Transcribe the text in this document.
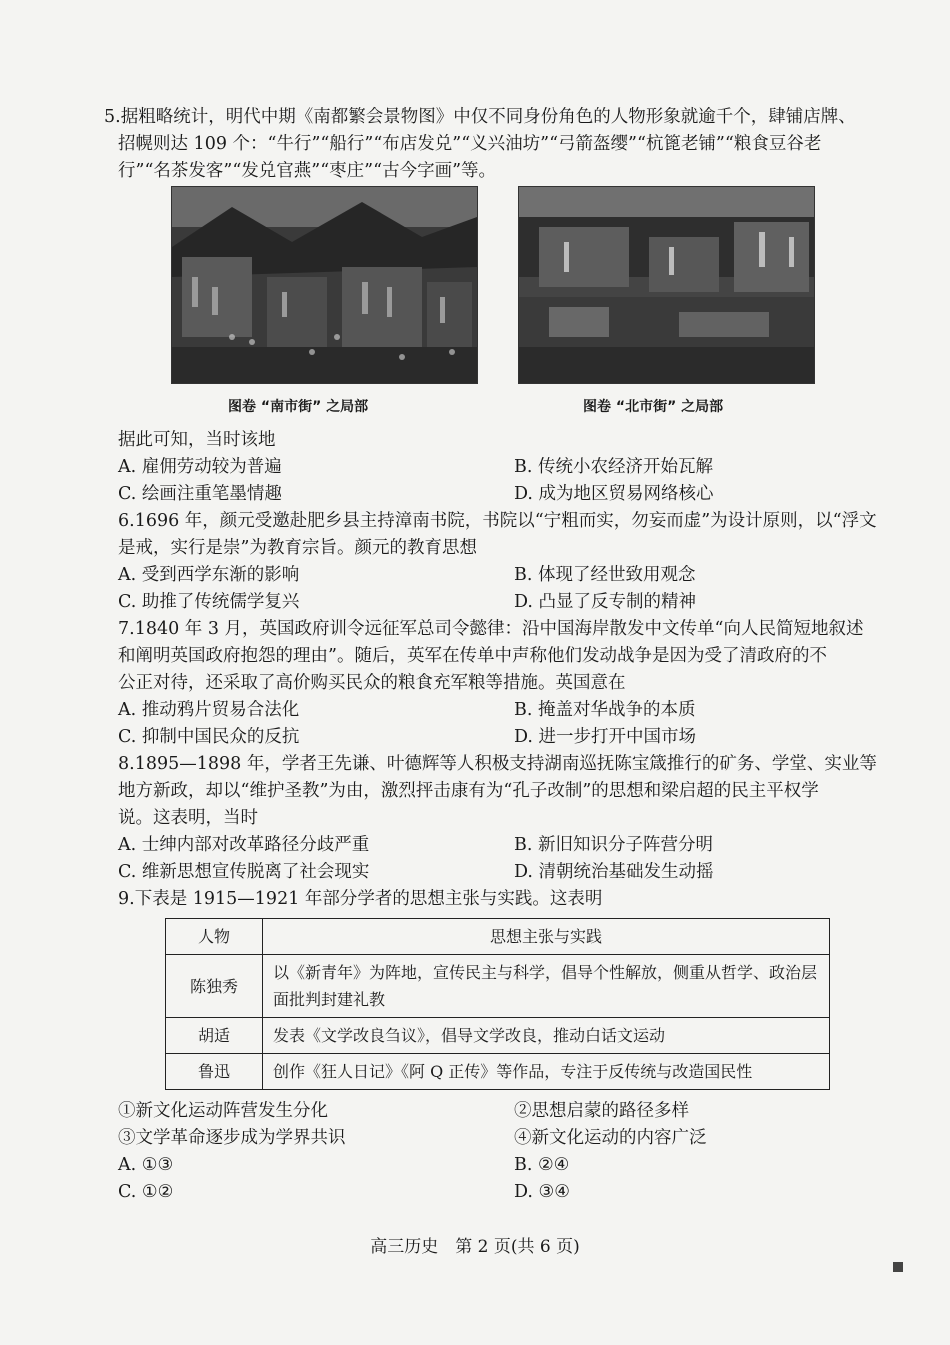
5.据粗略统计，明代中期《南都繁会景物图》中仅不同身份角色的人物形象就逾千个，肆铺店牌、
招幌则达 109 个：“牛行”“船行”“布店发兑”“义兴油坊”“弓箭盔缨”“杭篦老铺”“粮食豆谷老
行”“名茶发客”“发兑官燕”“枣庄”“古今字画”等。
图卷 “南市街” 之局部	图卷 “北市街” 之局部
据此可知，当时该地
A. 雇佣劳动较为普遍	B. 传统小农经济开始瓦解
C. 绘画注重笔墨情趣	D. 成为地区贸易网络核心
6.1696 年，颜元受邀赴肥乡县主持漳南书院，书院以“宁粗而实，勿妄而虚”为设计原则，以“浮文
是戒，实行是崇”为教育宗旨。颜元的教育思想
A. 受到西学东渐的影响	B. 体现了经世致用观念
C. 助推了传统儒学复兴	D. 凸显了反专制的精神
7.1840 年 3 月，英国政府训令远征军总司令懿律：沿中国海岸散发中文传单“向人民简短地叙述
和阐明英国政府抱怨的理由”。随后，英军在传单中声称他们发动战争是因为受了清政府的不
公正对待，还采取了高价购买民众的粮食充军粮等措施。英国意在
A. 推动鸦片贸易合法化	B. 掩盖对华战争的本质
C. 抑制中国民众的反抗	D. 进一步打开中国市场
8.1895—1898 年，学者王先谦、叶德辉等人积极支持湖南巡抚陈宝箴推行的矿务、学堂、实业等
地方新政，却以“维护圣教”为由，激烈抨击康有为“孔子改制”的思想和梁启超的民主平权学
说。这表明，当时
A. 士绅内部对改革路径分歧严重	B. 新旧知识分子阵营分明
C. 维新思想宣传脱离了社会现实	D. 清朝统治基础发生动摇
9.下表是 1915—1921 年部分学者的思想主张与实践。这表明
人物	思想主张与实践
陈独秀	以《新青年》为阵地，宣传民主与科学，倡导个性解放，侧重从哲学、政治层面批判封建礼教
胡适	发表《文学改良刍议》，倡导文学改良，推动白话文运动
鲁迅	创作《狂人日记》《阿 Q 正传》等作品，专注于反传统与改造国民性
①新文化运动阵营发生分化	②思想启蒙的路径多样
③文学革命逐步成为学界共识	④新文化运动的内容广泛
A. ①③	B. ②④
C. ①②	D. ③④
高三历史　第 2 页(共 6 页)
